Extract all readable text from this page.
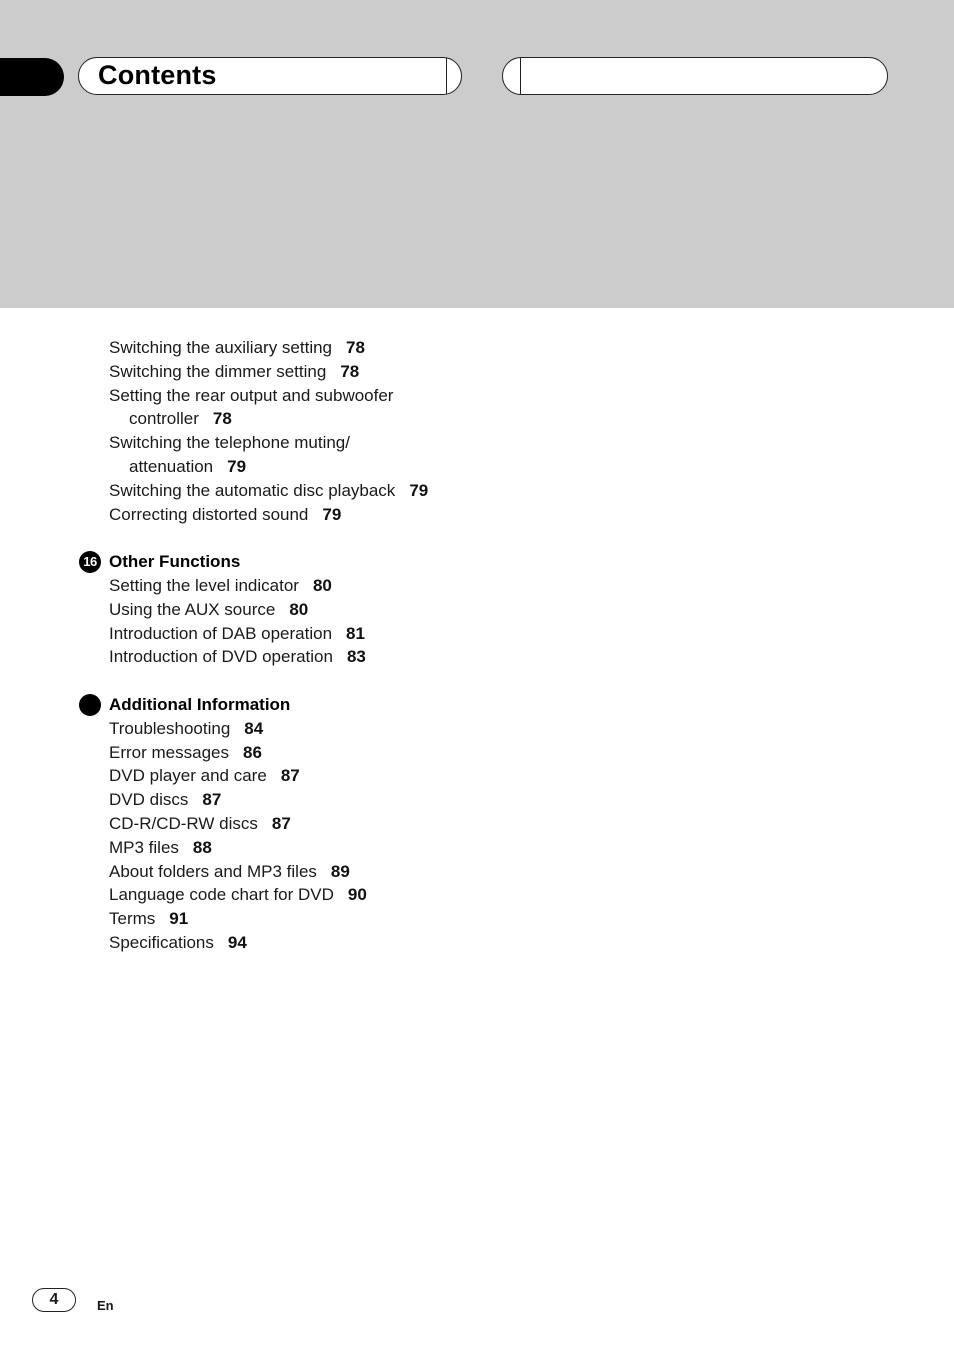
Contents
Switching the auxiliary setting 78
Switching the dimmer setting 78
Setting the rear output and subwoofer
controller 78
Switching the telephone muting/
attenuation 79
Switching the automatic disc playback 79
Correcting distorted sound 79
16 Other Functions
Setting the level indicator 80
Using the AUX source 80
Introduction of DAB operation 81
Introduction of DVD operation 83
Additional Information
Troubleshooting 84
Error messages 86
DVD player and care 87
DVD discs 87
CD-R/CD-RW discs 87
MP3 files 88
About folders and MP3 files 89
Language code chart for DVD 90
Terms 91
Specifications 94
4	En
